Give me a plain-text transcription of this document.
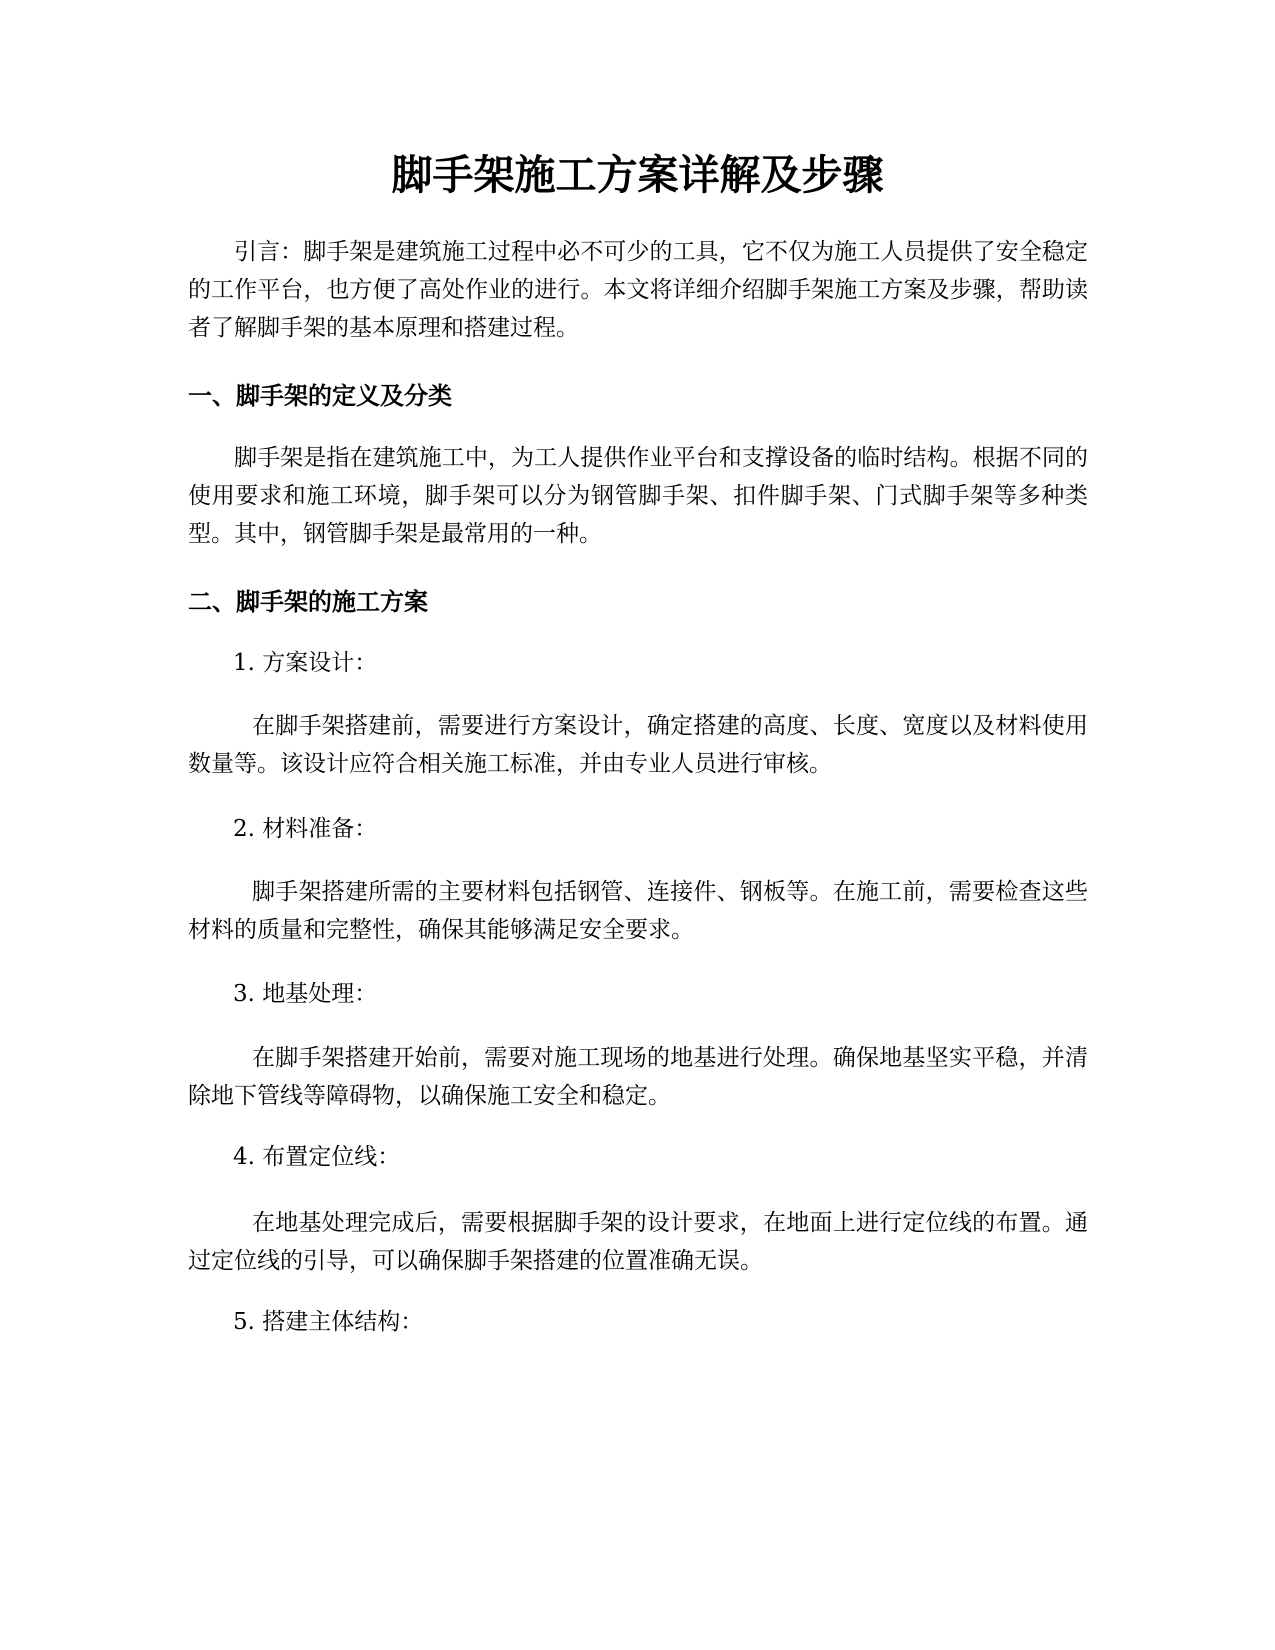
脚手架施工方案详解及步骤

引言：脚手架是建筑施工过程中必不可少的工具，它不仅为施工人员提供了安全稳定的工作平台，也方便了高处作业的进行。本文将详细介绍脚手架施工方案及步骤，帮助读者了解脚手架的基本原理和搭建过程。

一、脚手架的定义及分类

脚手架是指在建筑施工中，为工人提供作业平台和支撑设备的临时结构。根据不同的使用要求和施工环境，脚手架可以分为钢管脚手架、扣件脚手架、门式脚手架等多种类型。其中，钢管脚手架是最常用的一种。

二、脚手架的施工方案

1. 方案设计：

在脚手架搭建前，需要进行方案设计，确定搭建的高度、长度、宽度以及材料使用数量等。该设计应符合相关施工标准，并由专业人员进行审核。

2. 材料准备：

脚手架搭建所需的主要材料包括钢管、连接件、钢板等。在施工前，需要检查这些材料的质量和完整性，确保其能够满足安全要求。

3. 地基处理：

在脚手架搭建开始前，需要对施工现场的地基进行处理。确保地基坚实平稳，并清除地下管线等障碍物，以确保施工安全和稳定。

4. 布置定位线：

在地基处理完成后，需要根据脚手架的设计要求，在地面上进行定位线的布置。通过定位线的引导，可以确保脚手架搭建的位置准确无误。

5. 搭建主体结构：
